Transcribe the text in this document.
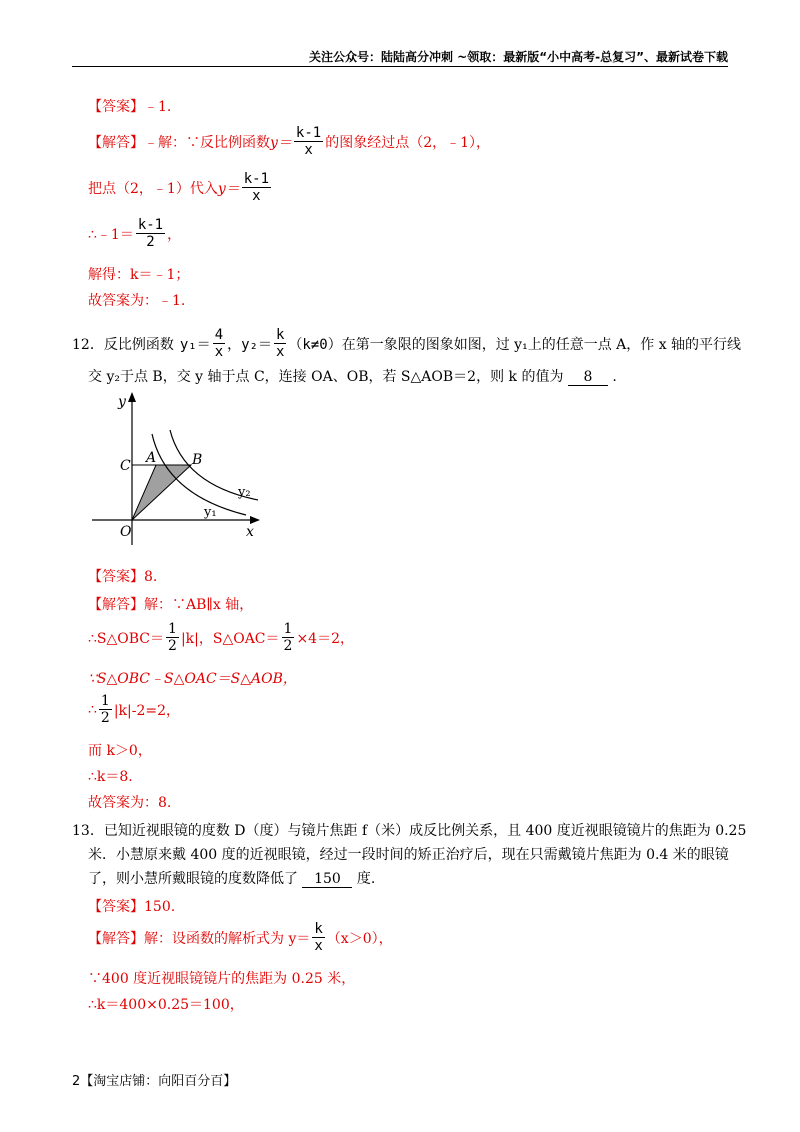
关注公众号：陆陆高分冲刺 ~领取：最新版“小中高考-总复习”、最新试卷下载
【答案】﹣1.
【解答】 ﹣解：∵反比例函数 $y= \frac{k-1}{x}$ 的图象经过点（2，﹣1），
把点（2，﹣1）代入 $y= \frac{k-1}{x}$
∴﹣1＝ $\frac{k-1}{2}$ ，
解得：k＝﹣1；
故答案为：﹣1.
12． 反比例函数 $y_1= \frac{4}{x}$ ， $y_2= \frac{k}{x} (k\ne 0)$ 在第一象限的图象如图，过 y₁上的任意一点 A，作 x 轴的平行线
交 y₂于点 B，交 y 轴于点 C，连接 OA、OB，若 S△AOB＝2，则 k 的值为 8 .
y
x
O
C A	B
y₂
y₁
【答案】8.
【解答】解：∵AB∥x 轴，
∴S△OBC＝ $\frac{1}{2} |k|$，S△OAC＝ $\frac{1}{2} \times 4=2$，
∵S△OBC﹣S△OAC＝S△AOB，
∴ $\frac{1}{2} |k|-2=2$，
而 k＞0，
∴k＝8.
故答案为：8.
13．已知近视眼镜的度数 D（度）与镜片焦距 f（米）成反比例关系，且 400 度近视眼镜镜片的焦距为 0.25
米．小慧原来戴 400 度的近视眼镜，经过一段时间的矫正治疗后，现在只需戴镜片焦距为 0.4 米的眼镜
了，则小慧所戴眼镜的度数降低了 150 度.
【答案】150.
【解答】 解：设函数的解析式为 $y= \frac{k}{x} (x>0)$，
∵400 度近视眼镜镜片的焦距为 0.25 米，
∴k＝400×0.25＝100，
2【淘宝店铺：向阳百分百】
